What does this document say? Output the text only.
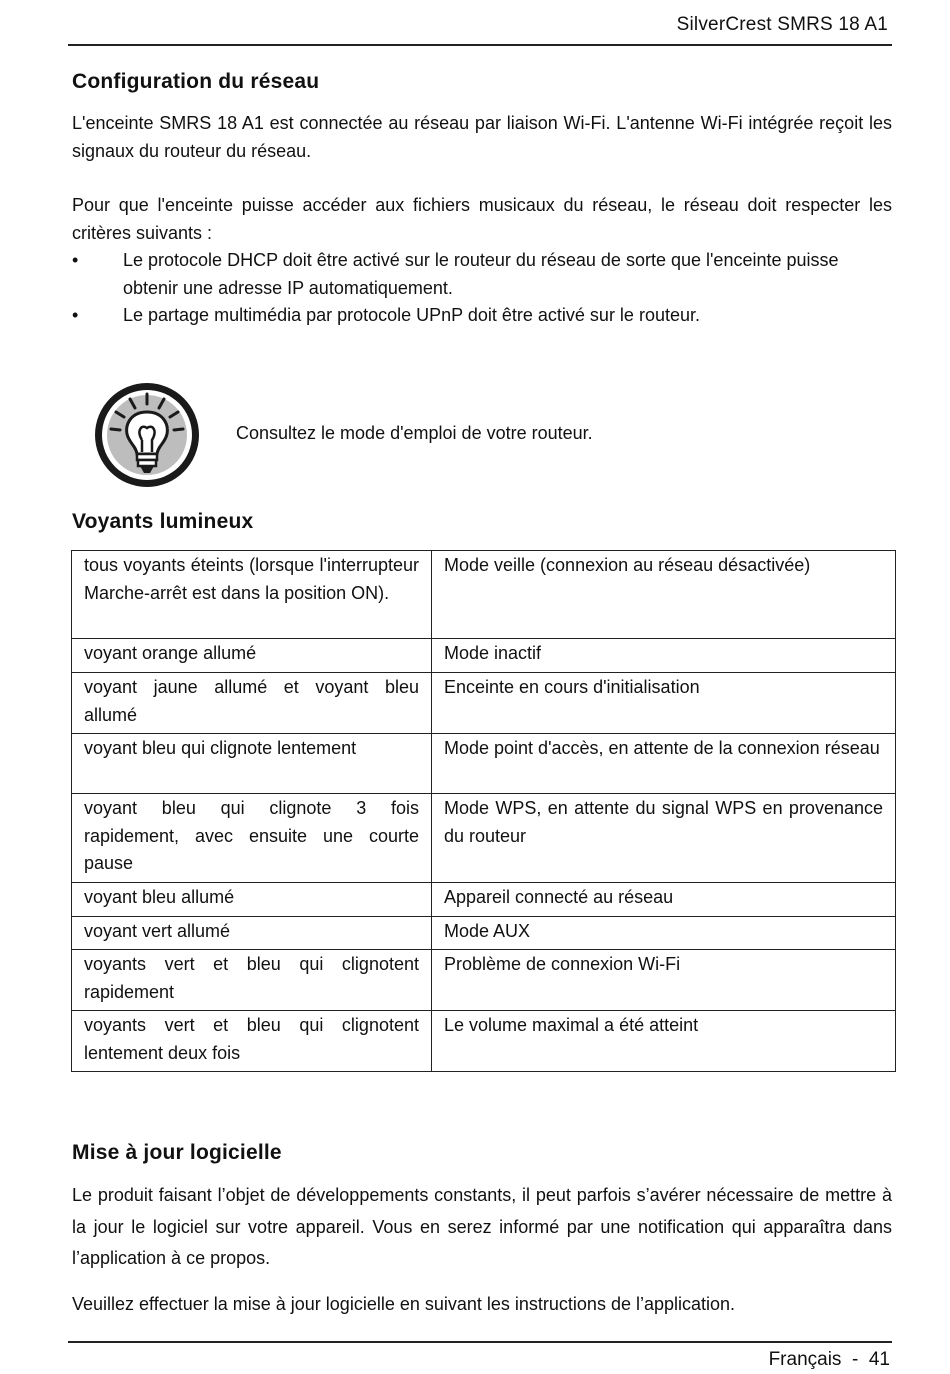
SilverCrest SMRS 18 A1
Configuration du réseau
L'enceinte SMRS 18 A1 est connectée au réseau par liaison Wi-Fi. L'antenne Wi-Fi intégrée reçoit les signaux du routeur du réseau.
Pour que l'enceinte puisse accéder aux fichiers musicaux du réseau, le réseau doit respecter les critères suivants :
• Le protocole DHCP doit être activé sur le routeur du réseau de sorte que l'enceinte puisse obtenir une adresse IP automatiquement.
• Le partage multimédia par protocole UPnP doit être activé sur le routeur.
Consultez le mode d'emploi de votre routeur.
Voyants lumineux
tous voyants éteints (lorsque l'interrupteur Marche-arrêt est dans la position ON).	Mode veille (connexion au réseau désactivée)
voyant orange allumé	Mode inactif
voyant jaune allumé et voyant bleu allumé	Enceinte en cours d'initialisation
voyant bleu qui clignote lentement	Mode point d'accès, en attente de la connexion réseau
voyant bleu qui clignote 3 fois rapidement, avec ensuite une courte pause	Mode WPS, en attente du signal WPS en provenance du routeur
voyant bleu allumé	Appareil connecté au réseau
voyant vert allumé	Mode AUX
voyants vert et bleu qui clignotent rapidement	Problème de connexion Wi-Fi
voyants vert et bleu qui clignotent lentement deux fois	Le volume maximal a été atteint
Mise à jour logicielle
Le produit faisant l’objet de développements constants, il peut parfois s’avérer nécessaire de mettre à la jour le logiciel sur votre appareil. Vous en serez informé par une notification qui apparaîtra dans l’application à ce propos.
Veuillez effectuer la mise à jour logicielle en suivant les instructions de l’application.
Français  -  41
